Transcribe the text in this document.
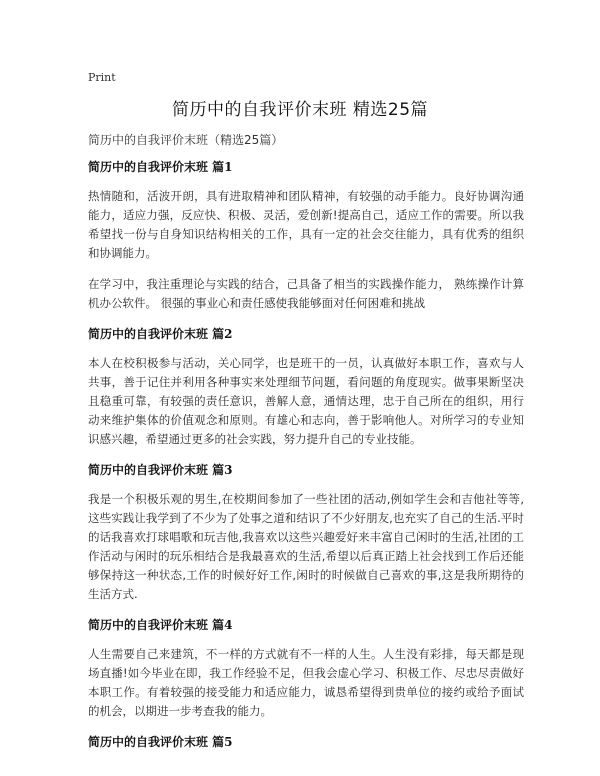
Print
简历中的自我评价末班 精选25篇
简历中的自我评价末班（精选25篇）
简历中的自我评价末班 篇1

热情随和，活波开朗，具有进取精神和团队精神，有较强的动手能力。良好协调沟通能力，适应力强，反应快、积极、灵活，爱创新!提高自己，适应工作的需要。所以我希望找一份与自身知识结构相关的工作，具有一定的社会交往能力，具有优秀的组织和协调能力。

在学习中，我注重理论与实践的结合，己具备了相当的实践操作能力， 熟练操作计算机办公软件。 很强的事业心和责任感使我能够面对任何困难和挑战

简历中的自我评价末班 篇2

本人在校积极参与活动，关心同学，也是班干的一员，认真做好本职工作，喜欢与人共事，善于记住并利用各种事实来处理细节问题，看问题的角度现实。做事果断坚决且稳重可靠，有较强的责任意识，善解人意，通情达理，忠于自己所在的组织，用行动来维护集体的价值观念和原则。有雄心和志向，善于影响他人。对所学习的专业知识感兴趣，希望通过更多的社会实践，努力提升自己的专业技能。

简历中的自我评价末班 篇3

我是一个积极乐观的男生,在校期间参加了一些社团的活动,例如学生会和吉他社等等,这些实践让我学到了不少为了处事之道和结识了不少好朋友,也充实了自己的生活.平时的话我喜欢打球唱歌和玩吉他,我喜欢以这些兴趣爱好来丰富自己闲时的生活,社团的工作活动与闲时的玩乐相结合是我最喜欢的生活,希望以后真正踏上社会找到工作后还能够保持这一种状态,工作的时候好好工作,闲时的时候做自己喜欢的事,这是我所期待的生活方式.

简历中的自我评价末班 篇4

人生需要自己来建筑，不一样的方式就有不一样的人生。人生没有彩排，每天都是现场直播!如今毕业在即，我工作经验不足，但我会虚心学习、积极工作、尽忠尽责做好本职工作。有着较强的接受能力和适应能力，诚恳希望得到贵单位的接约或给予面试的机会，以期进一步考查我的能力。

简历中的自我评价末班 篇5
